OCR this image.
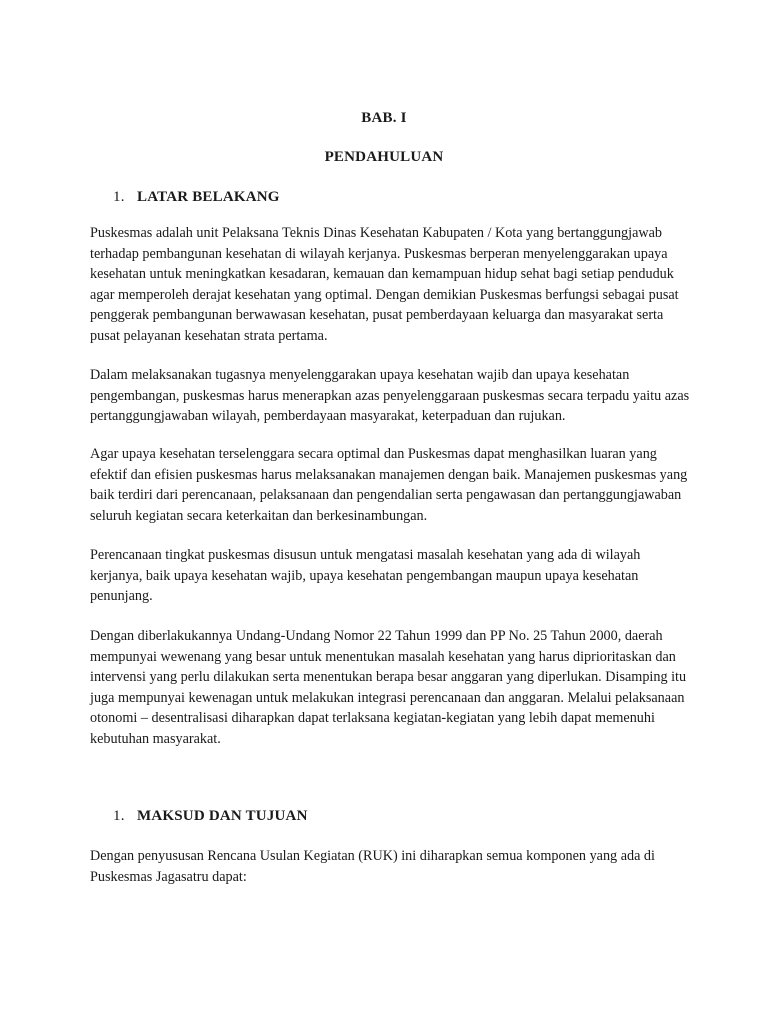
BAB. I
PENDAHULUAN
1. LATAR BELAKANG

Puskesmas adalah unit Pelaksana Teknis Dinas Kesehatan Kabupaten / Kota yang bertanggungjawab terhadap pembangunan kesehatan di wilayah kerjanya. Puskesmas berperan menyelenggarakan upaya kesehatan untuk meningkatkan kesadaran, kemauan dan kemampuan hidup sehat bagi setiap penduduk agar memperoleh derajat kesehatan yang optimal. Dengan demikian Puskesmas berfungsi sebagai pusat penggerak pembangunan berwawasan kesehatan, pusat pemberdayaan keluarga dan masyarakat serta pusat pelayanan kesehatan strata pertama.

Dalam melaksanakan tugasnya menyelenggarakan upaya kesehatan wajib dan upaya kesehatan pengembangan, puskesmas harus menerapkan azas penyelenggaraan puskesmas secara terpadu yaitu azas pertanggungjawaban wilayah, pemberdayaan masyarakat, keterpaduan dan rujukan.

Agar upaya kesehatan terselenggara secara optimal dan Puskesmas dapat menghasilkan luaran yang efektif dan efisien puskesmas harus melaksanakan manajemen dengan baik. Manajemen puskesmas yang baik terdiri dari perencanaan, pelaksanaan dan pengendalian serta pengawasan dan pertanggungjawaban seluruh kegiatan secara keterkaitan dan berkesinambungan.

Perencanaan tingkat puskesmas disusun untuk mengatasi masalah kesehatan yang ada di wilayah kerjanya, baik upaya kesehatan wajib, upaya kesehatan pengembangan maupun upaya kesehatan penunjang.

Dengan diberlakukannya Undang-Undang Nomor 22 Tahun 1999 dan PP No. 25 Tahun 2000, daerah mempunyai wewenang yang besar untuk menentukan masalah kesehatan yang harus diprioritaskan dan intervensi yang perlu dilakukan serta menentukan berapa besar anggaran yang diperlukan. Disamping itu juga mempunyai kewenagan untuk melakukan integrasi perencanaan dan anggaran. Melalui pelaksanaan otonomi – desentralisasi diharapkan dapat terlaksana kegiatan-kegiatan yang lebih dapat memenuhi kebutuhan masyarakat.

1. MAKSUD DAN TUJUAN

Dengan penyususan Rencana Usulan Kegiatan (RUK) ini diharapkan semua komponen yang ada di Puskesmas Jagasatru dapat:
